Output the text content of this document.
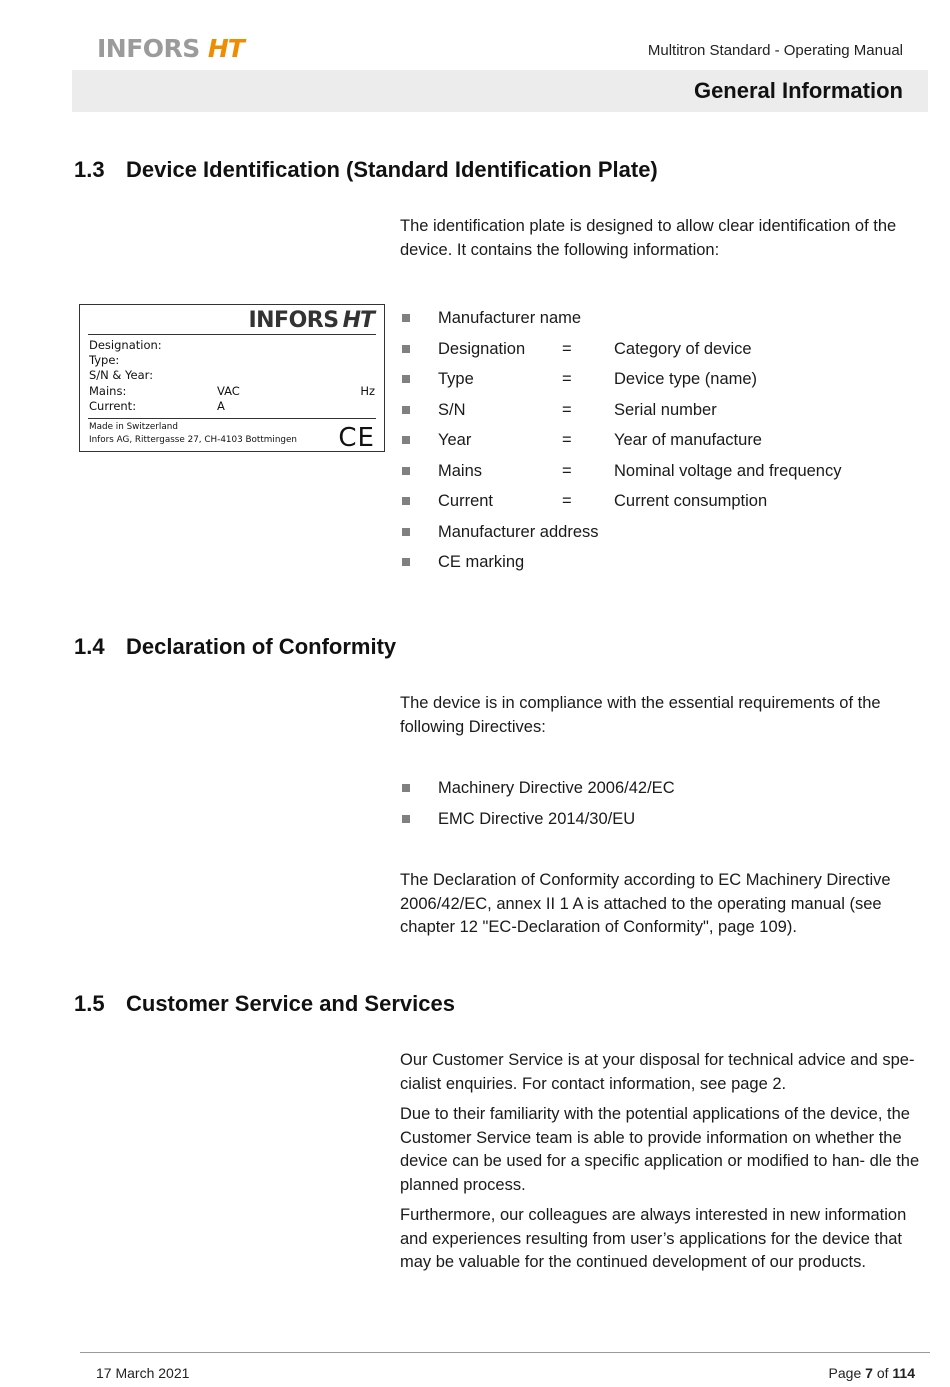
INFORS HT	Multitron Standard - Operating Manual
General Information
1.3 Device Identification (Standard Identification Plate)

The identification plate is designed to allow clear identification of the device. It contains the following information:

INFORS HT
Designation:
Type:
S/N & Year:
Mains:	VAC	Hz
Current:	A
Made in Switzerland
Infors AG, Rittergasse 27, CH-4103 Bottmingen CE
Manufacturer name
Designation =	Category of device
Type	=	Device type (name)
S/N	=	Serial number
Year	=	Year of manufacture
Mains	=	Nominal voltage and frequency
Current	=	Current consumption
Manufacturer address
CE marking
1.4 Declaration of Conformity

The device is in compliance with the essential requirements of the following Directives:

Machinery Directive 2006/42/EC
EMC Directive 2014/30/EU

The Declaration of Conformity according to EC Machinery Directive 2006/42/EC, annex II 1 A is attached to the operating manual (see chapter 12 "EC-Declaration of Conformity", page 109).

1.5 Customer Service and Services

Our Customer Service is at your disposal for technical advice and spe- cialist enquiries. For contact information, see page 2.

Due to their familiarity with the potential applications of the device, the Customer Service team is able to provide information on whether the device can be used for a specific application or modified to han- dle the planned process.

Furthermore, our colleagues are always interested in new information and experiences resulting from user’s applications for the device that may be valuable for the continued development of our products.

17 March 2021	Page 7 of 114
